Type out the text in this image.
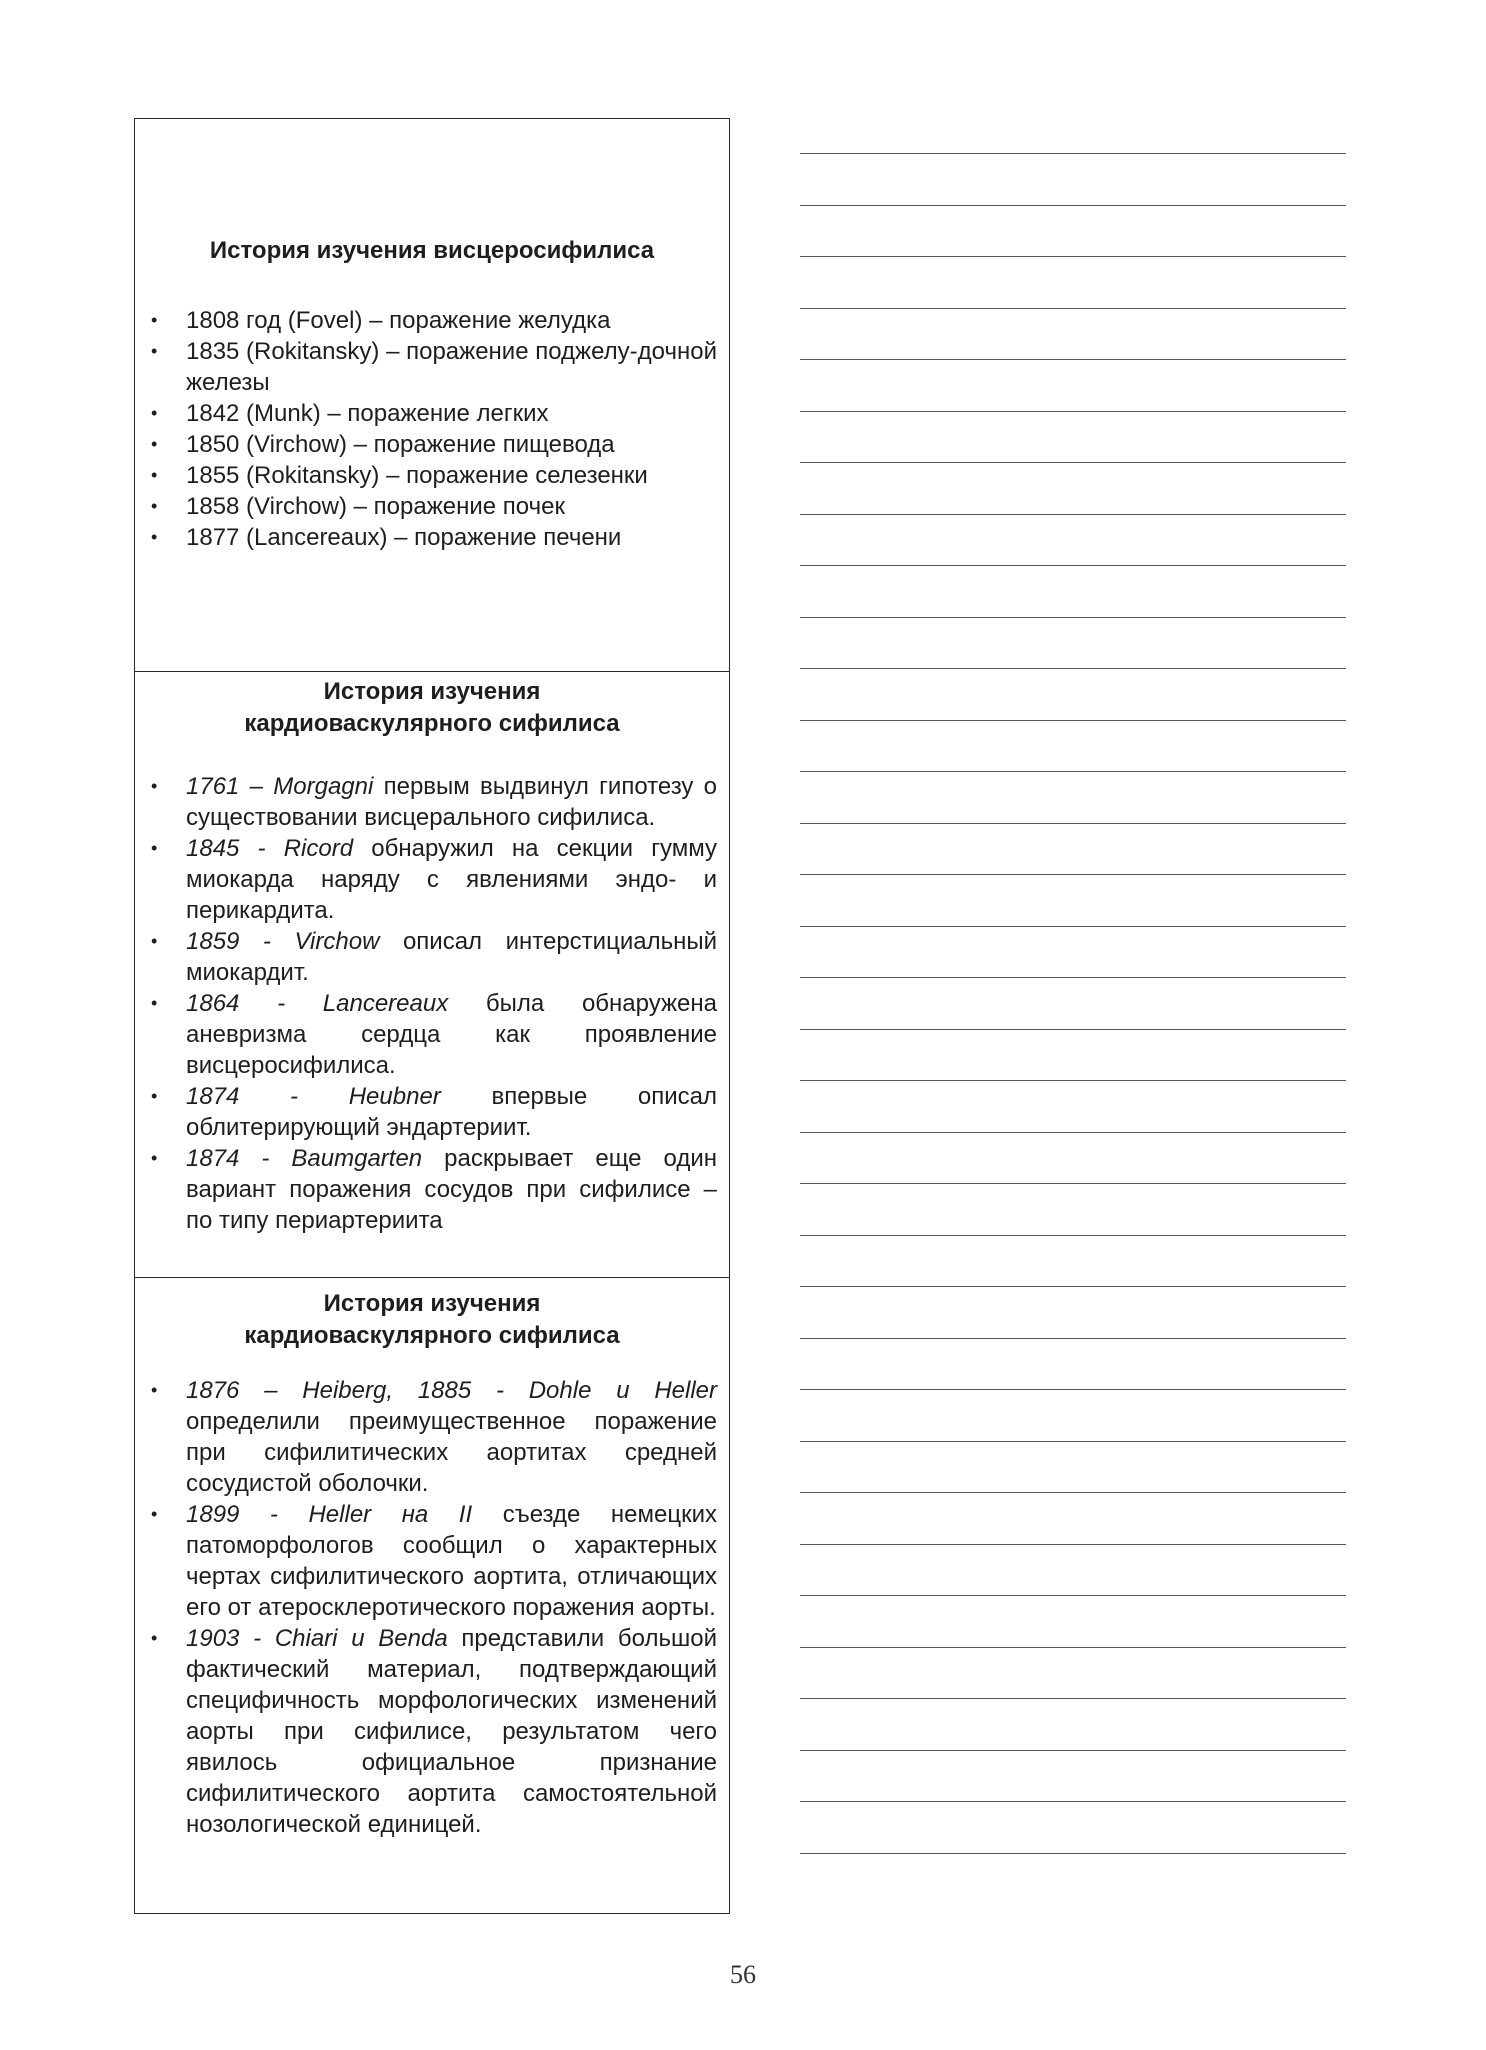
История изучения висцеросифилиса
• 1808 год (Fovel) – поражение желудка
• 1835 (Rokitansky) – поражение поджелу-дочной железы
• 1842 (Munk) – поражение легких
• 1850 (Virchow) – поражение пищевода
• 1855 (Rokitansky) – поражение селезенки
• 1858 (Virchow) – поражение почек
• 1877 (Lancereaux) – поражение печени
История изучения
кардиоваскулярного сифилиса
• 1761 – Morgagni первым выдвинул гипотезу о существовании висцерального сифилиса.
• 1845 - Ricord обнаружил на секции гумму миокарда наряду с явлениями эндо- и перикардита.
• 1859 - Virchow описал интерстициальный миокардит.
• 1864 - Lancereaux была обнаружена аневризма сердца как проявление висцеросифилиса.
• 1874 - Heubner впервые описал облитерирующий эндартериит.
• 1874 - Baumgarten раскрывает еще один вариант поражения сосудов при сифилисе – по типу периартериита
История изучения
кардиоваскулярного сифилиса
• 1876 – Heiberg, 1885 - Dohle u Heller определили преимущественное поражение при сифилитических аортитах средней сосудистой оболочки.
• 1899 - Heller на II съезде немецких патоморфологов сообщил о характерных чертах сифилитического аортита, отличающих его от атеросклеротического поражения аорты.
• 1903 - Chiari u Benda представили большой фактический материал, подтверждающий специфичность морфологических изменений аорты при сифилисе, результатом чего явилось официальное признание сифилитического аортита самостоятельной нозологической единицей.
56
